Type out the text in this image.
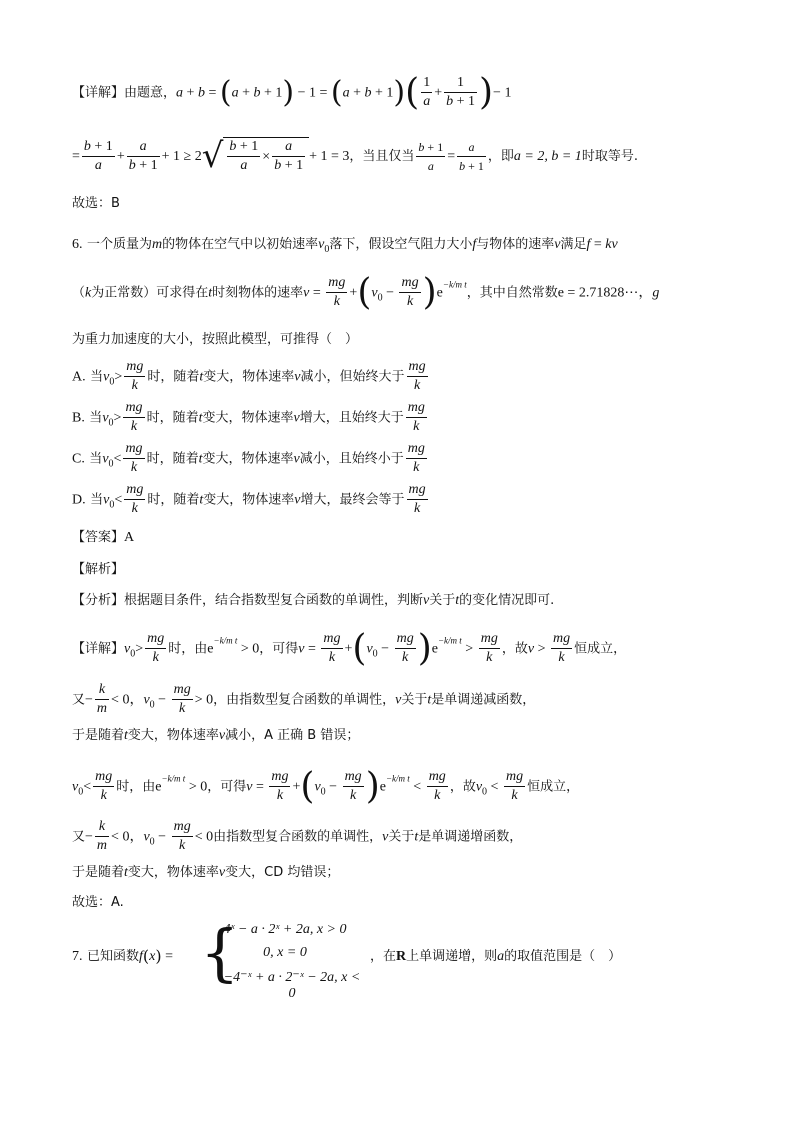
【详解】由题意，$a + b = (a + b + 1) - 1 = (a + b + 1)( \frac{1}{a} + \frac{1}{b + 1}$ )− 1
= $\frac{b + 1}{a} + \frac{a}{b + 1} + 1 \ge 2√ \frac{b + 1}{a} \times \frac{a}{b + 1} + 1 = 3$，当且仅当 $\frac{b + 1}{a} = \frac{a}{b + 1}$ ，即a = 2, b = 1时取等号.
故选：B
6. 一个质量为m的物体在空气中以初始速率$v_0$落下，假设空气阻力大小f与物体的速率v满足f = kv
（k为正常数）可求得在t时刻物体的速率$v = \frac{mg}{k} +(v_0 - \frac{mg}{k} )e^{-k/m t}$，其中自然常数e = 2.71828⋯，g
为重力加速度的大小，按照此模型，可推得（　）
A. 当$v_0> \frac{mg}{k}$ 时，随着t变大，物体速率v减小，但始终大于 $\frac{mg}{k}$
B. 当$v_0> \frac{mg}{k}$ 时，随着t变大，物体速率v增大，且始终大于 $\frac{mg}{k}$
C. 当$v_0< \frac{mg}{k}$ 时，随着t变大，物体速率v减小，且始终小于 $\frac{mg}{k}$
D. 当$v_0< \frac{mg}{k}$ 时，随着t变大，物体速率v增大，最终会等于 $\frac{mg}{k}$
【答案】A
【解析】
【分析】根据题目条件，结合指数型复合函数的单调性，判断v关于t的变化情况即可.
【详解】$v_0> \frac{mg}{k}$ 时，由$e^{-k/m t} > 0$，可得$v = \frac{mg}{k} +(v_0 - \frac{mg}{k} )e^{-k/m t} > \frac{mg}{k}$ ，故$v > \frac{mg}{k}$ 恒成立，
又− $\frac{k}{m} < 0$，$v_0 - \frac{mg}{k} > 0$，由指数型复合函数的单调性，v关于t是单调递减函数，
于是随着t变大，物体速率v减小，A 正确 B 错误；
$v_0< \frac{mg}{k}$ 时，由$e^{-k/m t} > 0$，可得$v = \frac{mg}{k} +(v_0 - \frac{mg}{k} )e^{-k/m t} < \frac{mg}{k}$ ，故$v_0 < \frac{mg}{k}$ 恒成立，
又− $\frac{k}{m} < 0$，$v_0 - \frac{mg}{k} < 0$由指数型复合函数的单调性，v关于t是单调递增函数，
于是随着t变大，物体速率v变大，CD 均错误；
故选：A.
7. 已知函数f(x) = {
4ˣ − a · 2ˣ + 2a, x > 0
0, x = 0
−4⁻ˣ + a · 2⁻ˣ − 2a, x < 0
，在R上单调递增，则a的取值范围是（　）
